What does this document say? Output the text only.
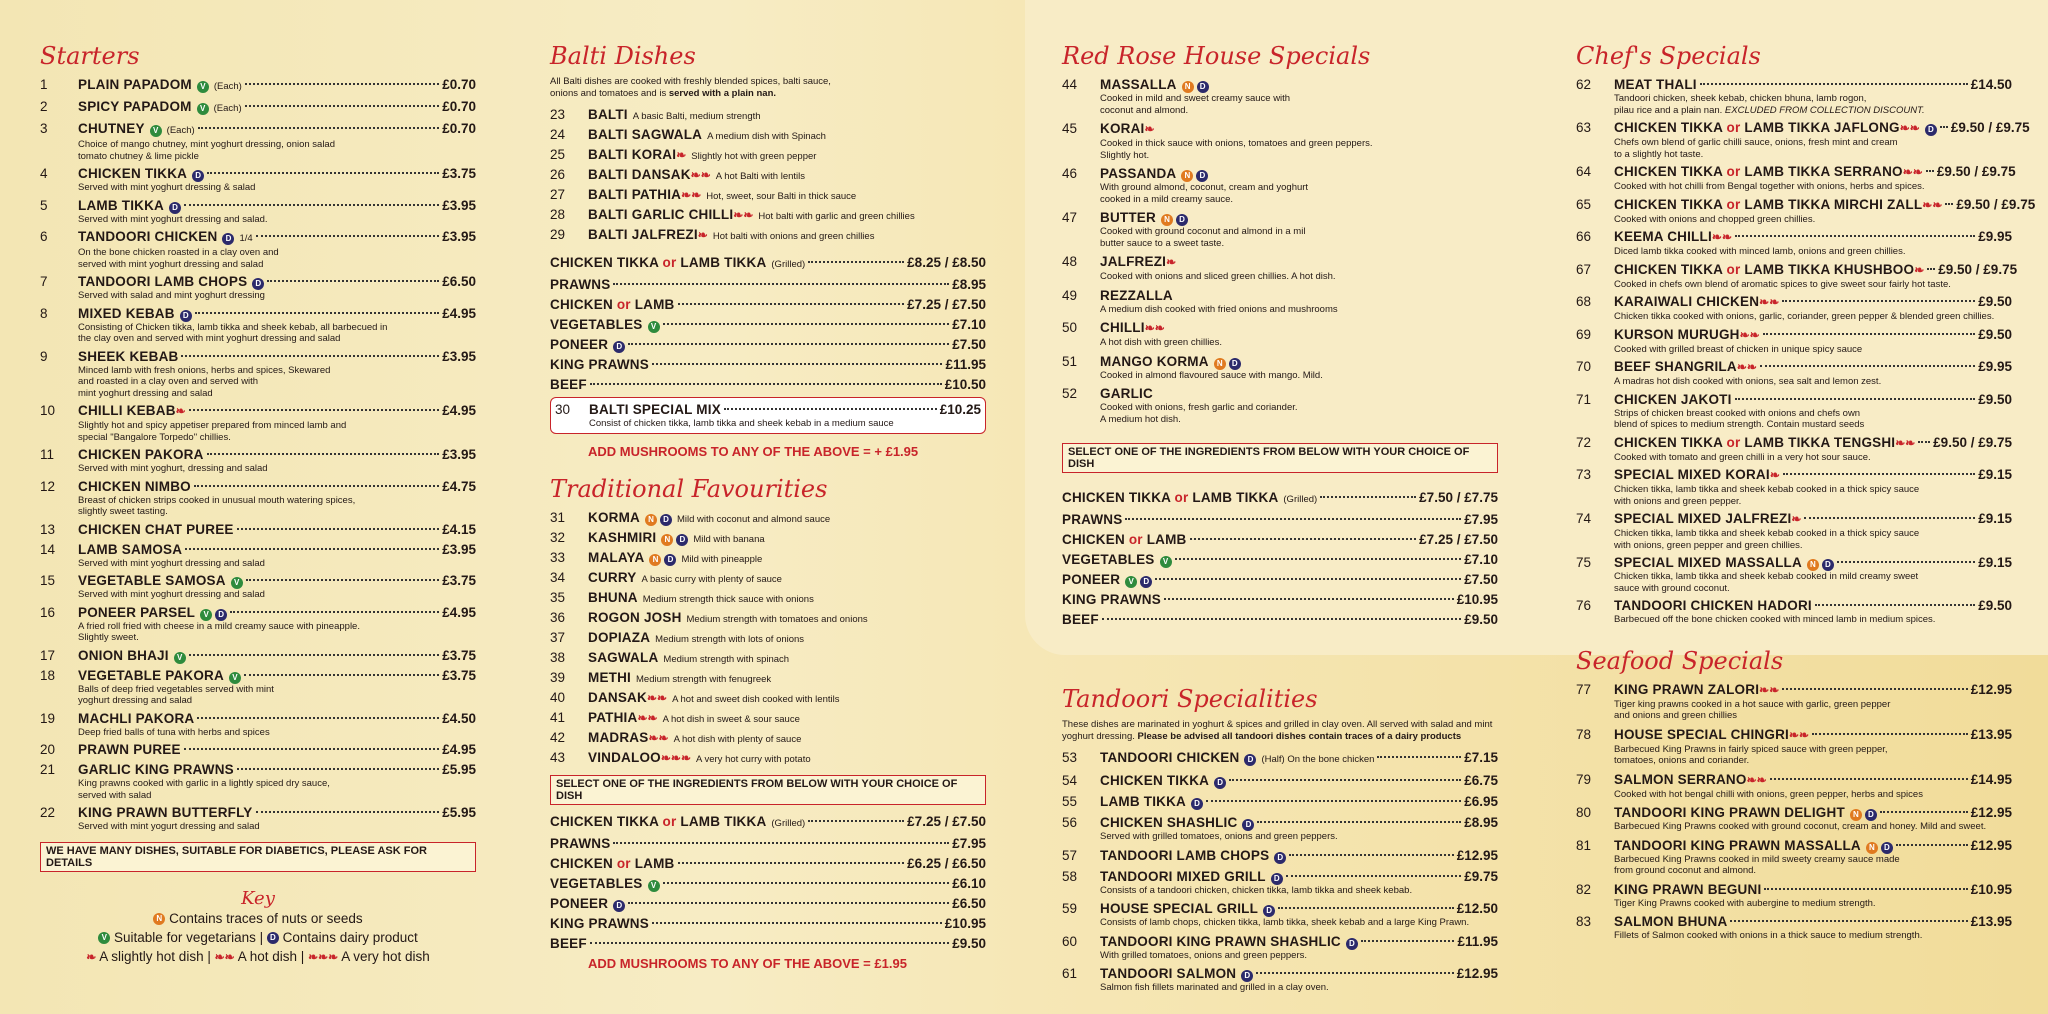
Starters
1	PLAIN PAPADOM	V (Each)	£0.70
2	SPICY PAPADOM	V (Each)	£0.70
3	CHUTNEY	V (Each)	£0.70
Choice of mango chutney, mint yoghurt dressing, onion salad
tomato chutney & lime pickle
4	CHICKEN TIKKA	D	£3.75
Served with mint yoghurt dressing & salad
5	LAMB TIKKA	D	£3.95
Served with mint yoghurt dressing and salad.
6	TANDOORI CHICKEN	D 1/4	£3.95
On the bone chicken roasted in a clay oven and
served with mint yoghurt dressing and salad
7	TANDOORI LAMB CHOPS	D	£6.50
Served with salad and mint yoghurt dressing
8	MIXED KEBAB	D	£4.95
Consisting of Chicken tikka, lamb tikka and sheek kebab, all barbecued in
the clay oven and served with mint yoghurt dressing and salad
9	SHEEK KEBAB	£3.95
Minced lamb with fresh onions, herbs and spices, Skewared
and roasted in a clay oven and served with
mint yoghurt dressing and salad
10	CHILLI KEBAB ❧	£4.95
Slightly hot and spicy appetiser prepared from minced lamb and
special "Bangalore Torpedo" chillies.
11	CHICKEN PAKORA	£3.95
Served with mint yoghurt, dressing and salad
12	CHICKEN NIMBO	£4.75
Breast of chicken strips cooked in unusual mouth watering spices,
slightly sweet tasting.
13	CHICKEN CHAT PUREE	£4.15
14	LAMB SAMOSA	£3.95
Served with mint yoghurt dressing and salad
15	VEGETABLE SAMOSA	V	£3.75
Served with mint yoghurt dressing and salad
16	PONEER PARSEL	V	D	£4.95
A fried roll fried with cheese in a mild creamy sauce with pineapple.
Slightly sweet.
17	ONION BHAJI	V	£3.75
18	VEGETABLE PAKORA	V	£3.75
Balls of deep fried vegetables served with mint
yoghurt dressing and salad
19	MACHLI PAKORA	£4.50
Deep fried balls of tuna with herbs and spices
20	PRAWN PUREE	£4.95
21	GARLIC KING PRAWNS	£5.95
King prawns cooked with garlic in a lightly spiced dry sauce,
served with salad
22	KING PRAWN BUTTERFLY	£5.95
Served with mint yogurt dressing and salad
WE HAVE MANY DISHES, SUITABLE FOR DIABETICS, PLEASE ASK FOR DETAILS
Key
N Contains traces of nuts or seeds
V Suitable for vegetarians | D Contains dairy product
❧ A slightly hot dish | ❧❧ A hot dish | ❧❧❧ A very hot dish
Balti Dishes
All Balti dishes are cooked with freshly blended spices, balti sauce,
onions and tomatoes and is served with a plain nan.
23	BALTI A basic Balti, medium strength
24	BALTI SAGWALA A medium dish with Spinach
25	BALTI KORAI ❧ Slightly hot with green pepper
26	BALTI DANSAK ❧❧ A hot Balti with lentils
27	BALTI PATHIA ❧❧ Hot, sweet, sour Balti in thick sauce
28	BALTI GARLIC CHILLI ❧❧ Hot balti with garlic and green chillies
29	BALTI JALFREZI ❧ Hot balti with onions and green chillies
CHICKEN TIKKA or LAMB TIKKA (Grilled)	£8.25 / £8.50
PRAWNS	£8.95
CHICKEN or LAMB	£7.25 / £7.50
VEGETABLES	V	£7.10
PONEER	D	£7.50
KING PRAWNS	£11.95
BEEF	£10.50
30	BALTI SPECIAL MIX	£10.25
Consist of chicken tikka, lamb tikka and sheek kebab in a medium sauce
ADD MUSHROOMS TO ANY OF THE ABOVE = + £1.95
Traditional Favourities
31	KORMA	N	D Mild with coconut and almond sauce
32	KASHMIRI	N	D Mild with banana
33	MALAYA	N	D Mild with pineapple
34	CURRY A basic curry with plenty of sauce
35	BHUNA Medium strength thick sauce with onions
36	ROGON JOSH Medium strength with tomatoes and onions
37	DOPIAZA Medium strength with lots of onions
38	SAGWALA Medium strength with spinach
39	METHI Medium strength with fenugreek
40	DANSAK ❧❧ A hot and sweet dish cooked with lentils
41	PATHIA ❧❧ A hot dish in sweet & sour sauce
42	MADRAS ❧❧ A hot dish with plenty of sauce
43	VINDALOO ❧❧❧ A very hot curry with potato
SELECT ONE OF THE INGREDIENTS FROM BELOW WITH YOUR CHOICE OF DISH
CHICKEN TIKKA or LAMB TIKKA (Grilled)	£7.25 / £7.50
PRAWNS	£7.95
CHICKEN or LAMB	£6.25 / £6.50
VEGETABLES	V	£6.10
PONEER	D	£6.50
KING PRAWNS	£10.95
BEEF	£9.50
ADD MUSHROOMS TO ANY OF THE ABOVE = £1.95
Red Rose House Specials
44	MASSALLA	N	D
Cooked in mild and sweet creamy sauce with
coconut and almond.
45	KORAI ❧
Cooked in thick sauce with onions, tomatoes and green peppers.
Slightly hot.
46	PASSANDA	N	D
With ground almond, coconut, cream and yoghurt
cooked in a mild creamy sauce.
47	BUTTER	N	D
Cooked with ground coconut and almond in a mil
butter sauce to a sweet taste.
48	JALFREZI ❧
Cooked with onions and sliced green chillies. A hot dish.
49	REZZALLA
A medium dish cooked with fried onions and mushrooms
50	CHILLI ❧❧
A hot dish with green chillies.
51	MANGO KORMA	N	D
Cooked in almond flavoured sauce with mango. Mild.
52	GARLIC
Cooked with onions, fresh garlic and coriander.
A medium hot dish.
SELECT ONE OF THE INGREDIENTS FROM BELOW WITH YOUR CHOICE OF DISH
CHICKEN TIKKA or LAMB TIKKA (Grilled)	£7.50 / £7.75
PRAWNS	£7.95
CHICKEN or LAMB	£7.25 / £7.50
VEGETABLES	V	£7.10
PONEER	V	D	£7.50
KING PRAWNS	£10.95
BEEF	£9.50
Tandoori Specialities
These dishes are marinated in yoghurt & spices and grilled in clay oven. All served with salad and mint
yoghurt dressing. Please be advised all tandoori dishes contain traces of a dairy products
53	TANDOORI CHICKEN	D (Half) On the bone chicken	£7.15
54	CHICKEN TIKKA	D	£6.75
55	LAMB TIKKA	D	£6.95
56	CHICKEN SHASHLIC	D	£8.95
Served with grilled tomatoes, onions and green peppers.
57	TANDOORI LAMB CHOPS	D	£12.95
58	TANDOORI MIXED GRILL	D	£9.75
Consists of a tandoori chicken, chicken tikka, lamb tikka and sheek kebab.
59	HOUSE SPECIAL GRILL	D	£12.50
Consists of lamb chops, chicken tikka, lamb tikka, sheek kebab and a large King Prawn.
60	TANDOORI KING PRAWN SHASHLIC	D	£11.95
With grilled tomatoes, onions and green peppers.
61	TANDOORI SALMON	D	£12.95
Salmon fish fillets marinated and grilled in a clay oven.
Chef's Specials
62	MEAT THALI	£14.50
Tandoori chicken, sheek kebab, chicken bhuna, lamb rogon,
pilau rice and a plain nan. EXCLUDED FROM COLLECTION DISCOUNT.
63	CHICKEN TIKKA or LAMB TIKKA JAFLONG ❧❧	D £9.50 / £9.75
Chefs own blend of garlic chilli sauce, onions, fresh mint and cream
to a slightly hot taste.
64	CHICKEN TIKKA or LAMB TIKKA SERRANO ❧❧ £9.50 / £9.75
Cooked with hot chilli from Bengal together with onions, herbs and spices.
65	CHICKEN TIKKA or LAMB TIKKA MIRCHI ZALL ❧❧ £9.50 / £9.75
Cooked with onions and chopped green chillies.
66	KEEMA CHILLI ❧❧	£9.95
Diced lamb tikka cooked with minced lamb, onions and green chillies.
67	CHICKEN TIKKA or LAMB TIKKA KHUSHBOO ❧ £9.50 / £9.75
Cooked in chefs own blend of aromatic spices to give sweet sour fairly hot taste.
68	KARAIWALI CHICKEN ❧❧	£9.50
Chicken tikka cooked with onions, garlic, coriander, green pepper & blended green chillies.
69	KURSON MURUGH ❧❧	£9.50
Cooked with grilled breast of chicken in unique spicy sauce
70	BEEF SHANGRILA ❧❧	£9.95
A madras hot dish cooked with onions, sea salt and lemon zest.
71	CHICKEN JAKOTI	£9.50
Strips of chicken breast cooked with onions and chefs own
blend of spices to medium strength. Contain mustard seeds
72	CHICKEN TIKKA or LAMB TIKKA TENGSHI ❧❧ £9.50 / £9.75
Cooked with tomato and green chilli in a very hot sour sauce.
73	SPECIAL MIXED KORAI ❧	£9.15
Chicken tikka, lamb tikka and sheek kebab cooked in a thick spicy sauce
with onions and green pepper.
74	SPECIAL MIXED JALFREZI ❧	£9.15
Chicken tikka, lamb tikka and sheek kebab cooked in a thick spicy sauce
with onions, green pepper and green chillies.
75	SPECIAL MIXED MASSALLA	N	D	£9.15
Chicken tikka, lamb tikka and sheek kebab cooked in mild creamy sweet
sauce with ground coconut.
76	TANDOORI CHICKEN HADORI	£9.50
Barbecued off the bone chicken cooked with minced lamb in medium spices.
Seafood Specials
77	KING PRAWN ZALORI ❧❧	£12.95
Tiger king prawns cooked in a hot sauce with garlic, green pepper
and onions and green chillies
78	HOUSE SPECIAL CHINGRI ❧❧	£13.95
Barbecued King Prawns in fairly spiced sauce with green pepper,
tomatoes, onions and coriander.
79	SALMON SERRANO ❧❧	£14.95
Cooked with hot bengal chilli with onions, green pepper, herbs and spices
80	TANDOORI KING PRAWN DELIGHT	N	D	£12.95
Barbecued King Prawns cooked with ground coconut, cream and honey. Mild and sweet.
81	TANDOORI KING PRAWN MASSALLA	N	D	£12.95
Barbecued King Prawns cooked in mild sweety creamy sauce made
from ground coconut and almond.
82	KING PRAWN BEGUNI	£10.95
Tiger King Prawns cooked with aubergine to medium strength.
83	SALMON BHUNA	£13.95
Fillets of Salmon cooked with onions in a thick sauce to medium strength.
